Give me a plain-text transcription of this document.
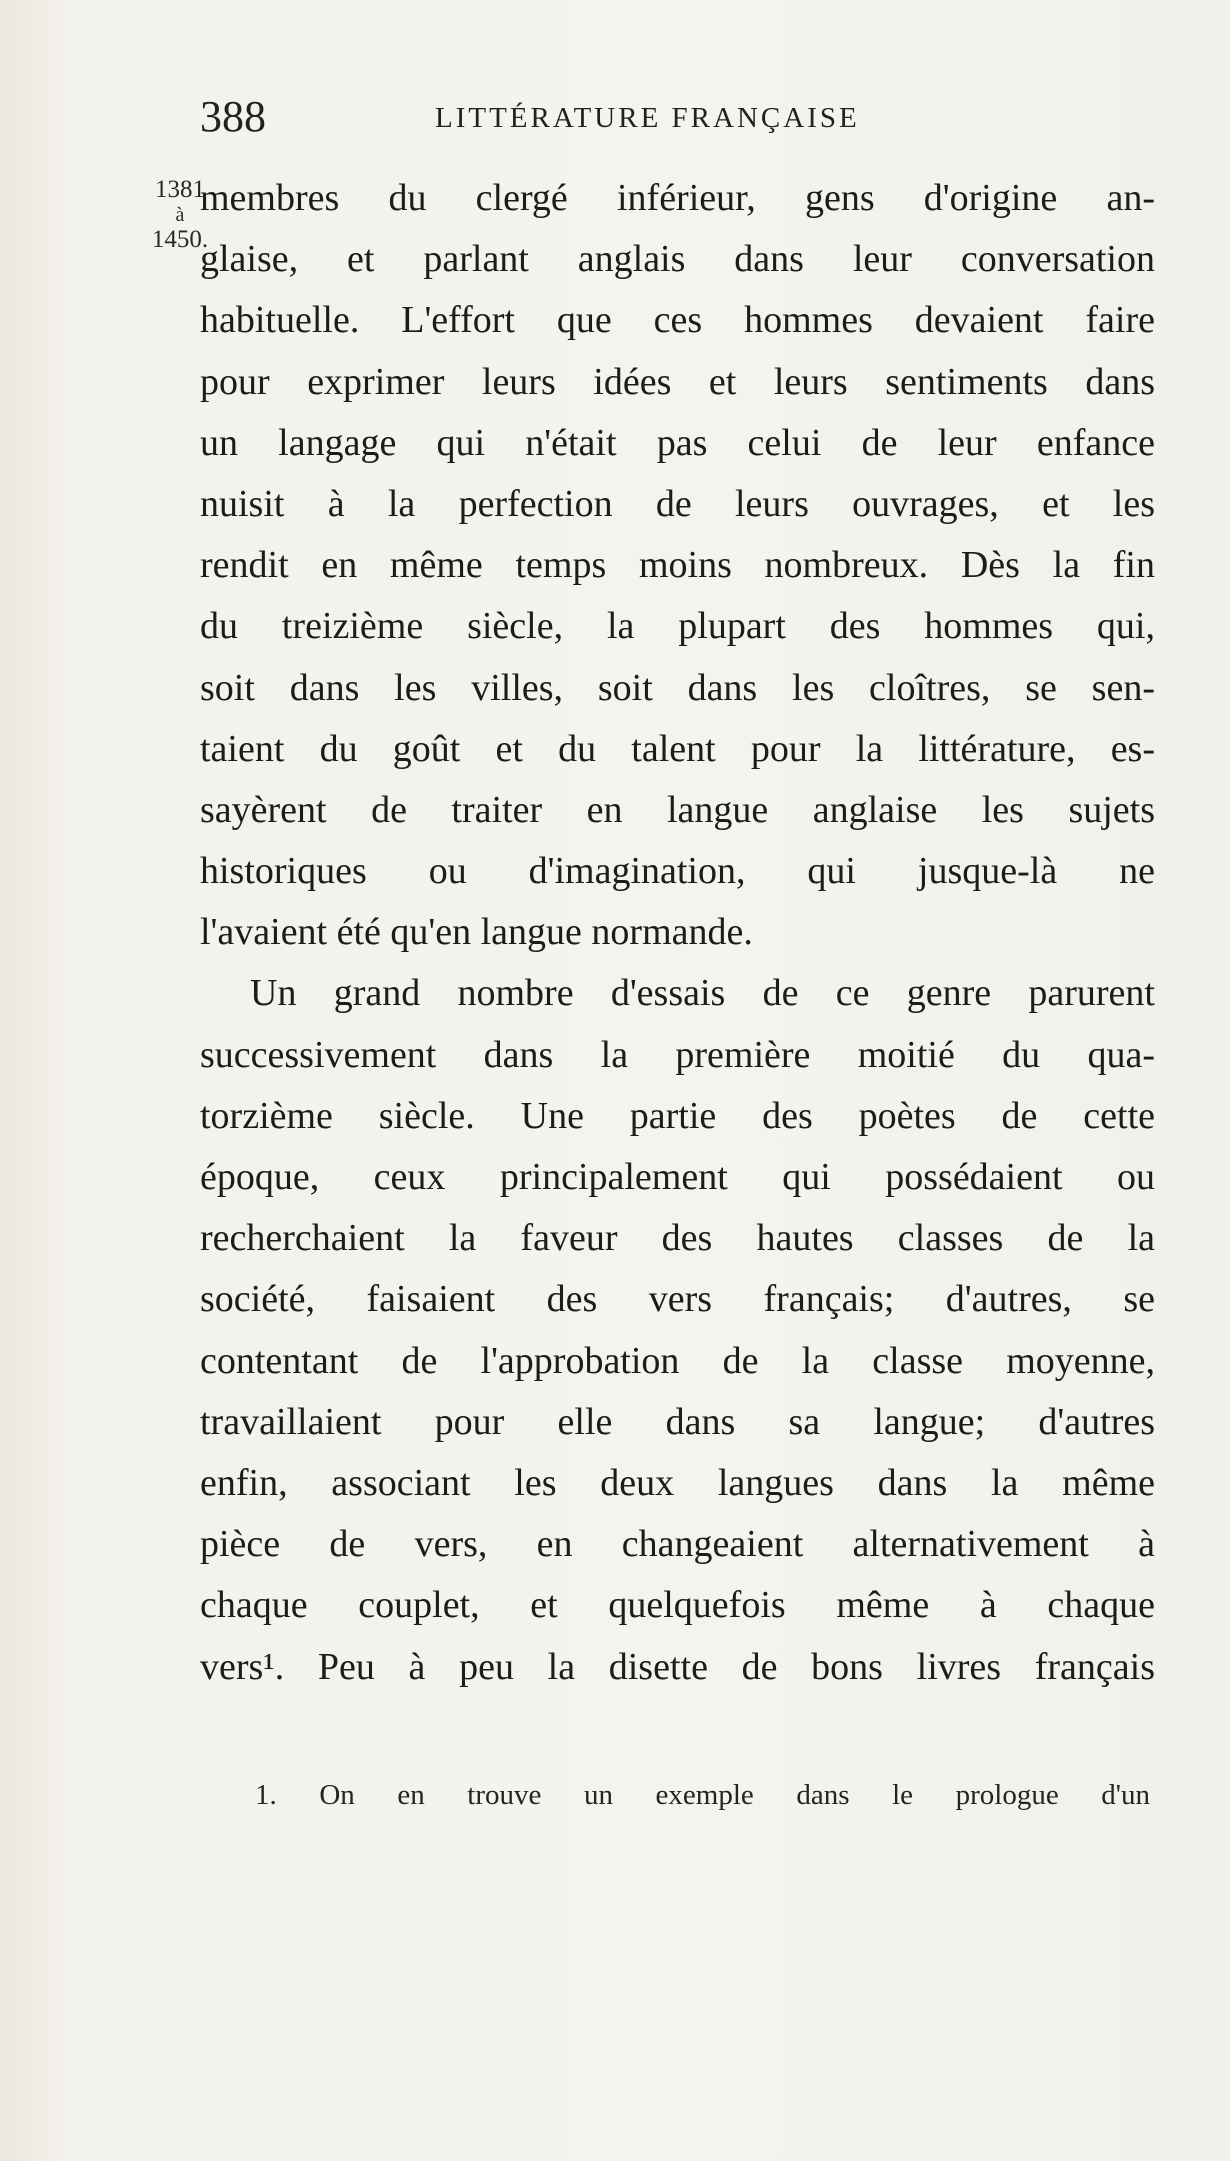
388	LITTÉRATURE FRANÇAISE
1381
à
1450.
membres du clergé inférieur, gens d'origine an-
glaise, et parlant anglais dans leur conversation
habituelle. L'effort que ces hommes devaient faire
pour exprimer leurs idées et leurs sentiments dans
un langage qui n'était pas celui de leur enfance
nuisit à la perfection de leurs ouvrages, et les
rendit en même temps moins nombreux. Dès la fin
du treizième siècle, la plupart des hommes qui,
soit dans les villes, soit dans les cloîtres, se sen-
taient du goût et du talent pour la littérature, es-
sayèrent de traiter en langue anglaise les sujets
historiques ou d'imagination, qui jusque-là ne
l'avaient été qu'en langue normande.
Un grand nombre d'essais de ce genre parurent
successivement dans la première moitié du qua-
torzième siècle. Une partie des poètes de cette
époque, ceux principalement qui possédaient ou
recherchaient la faveur des hautes classes de la
société, faisaient des vers français; d'autres, se
contentant de l'approbation de la classe moyenne,
travaillaient pour elle dans sa langue; d'autres
enfin, associant les deux langues dans la même
pièce de vers, en changeaient alternativement à
chaque couplet, et quelquefois même à chaque
vers¹. Peu à peu la disette de bons livres français
1. On en trouve un exemple dans le prologue d'un
